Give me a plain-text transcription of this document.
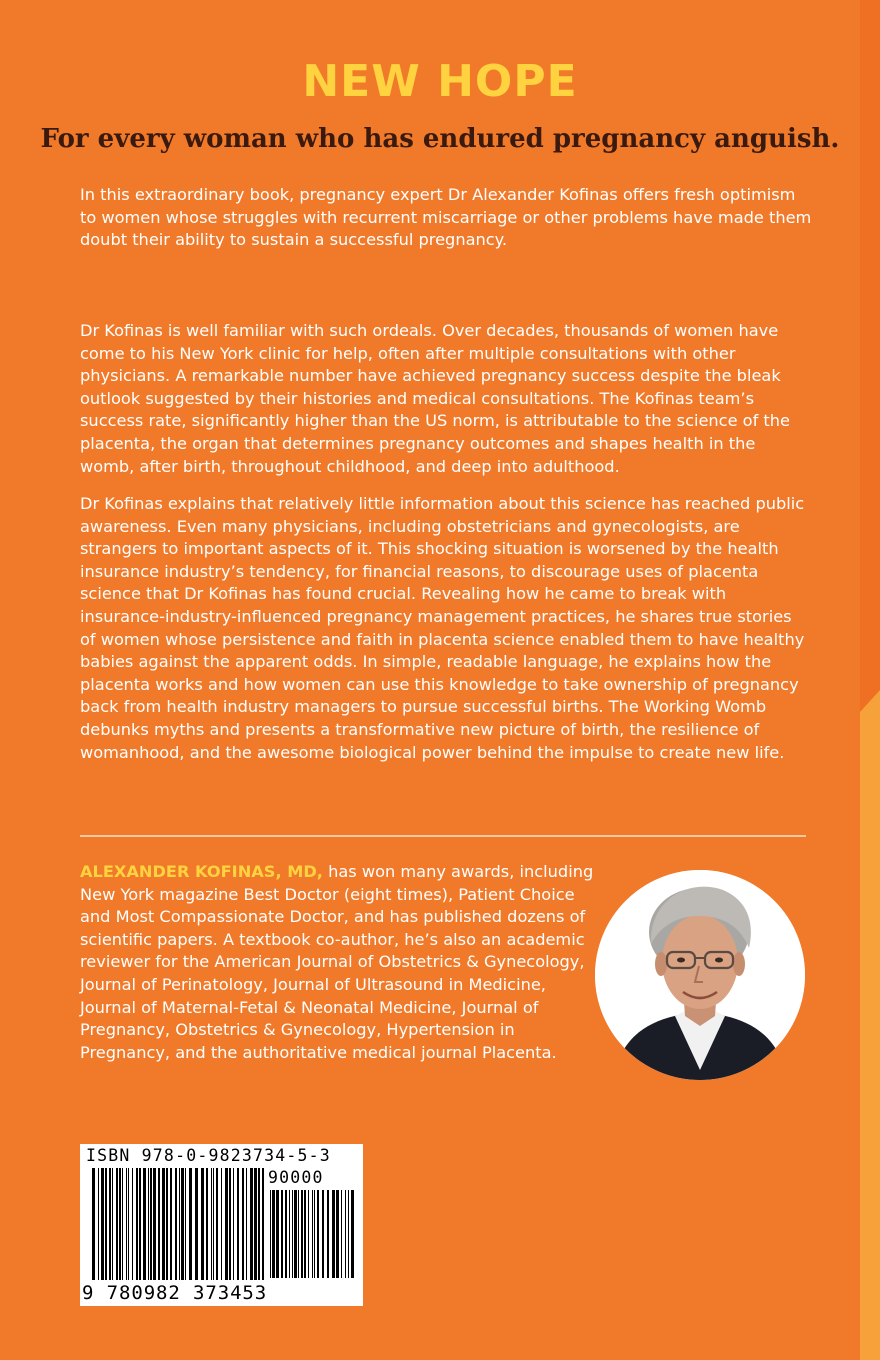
NEW HOPE
For every woman who has endured pregnancy anguish.
In this extraordinary book, pregnancy expert Dr Alexander Kofinas offers fresh optimism to women whose struggles with recurrent miscarriage or other problems have made them doubt their ability to sustain a successful pregnancy.
Dr Kofinas is well familiar with such ordeals. Over decades, thousands of women have come to his New York clinic for help, often after multiple consultations with other physicians. A remarkable number have achieved pregnancy success despite the bleak outlook suggested by their histories and medical consultations. The Kofinas team’s success rate, significantly higher than the US norm, is attributable to the science of the placenta, the organ that determines pregnancy outcomes and shapes health in the womb, after birth, throughout childhood, and deep into adulthood.
Dr Kofinas explains that relatively little information about this science has reached public awareness. Even many physicians, including obstetricians and gynecologists, are strangers to important aspects of it. This shocking situation is worsened by the health insurance industry’s tendency, for financial reasons, to discourage uses of placenta science that Dr Kofinas has found crucial. Revealing how he came to break with insurance-industry-influenced pregnancy management practices, he shares true stories of women whose persistence and faith in placenta science enabled them to have healthy babies against the apparent odds. In simple, readable language, he explains how the placenta works and how women can use this knowledge to take ownership of pregnancy back from health industry managers to pursue successful births. The Working Womb debunks myths and presents a transformative new picture of birth, the resilience of womanhood, and the awesome biological power behind the impulse to create new life.
ALEXANDER KOFINAS, MD, has won many awards, including New York magazine Best Doctor (eight times), Patient Choice and Most Compassionate Doctor, and has published dozens of scientific papers. A textbook co-author, he’s also an academic reviewer for the American Journal of Obstetrics & Gynecology, Journal of Perinatology, Journal of Ultrasound in Medicine, Journal of Maternal-Fetal & Neonatal Medicine, Journal of Pregnancy, Obstetrics & Gynecology, Hypertension in Pregnancy, and the authoritative medical journal Placenta.
ISBN 978-0-9823734-5-3
90000
9 780982 373453
